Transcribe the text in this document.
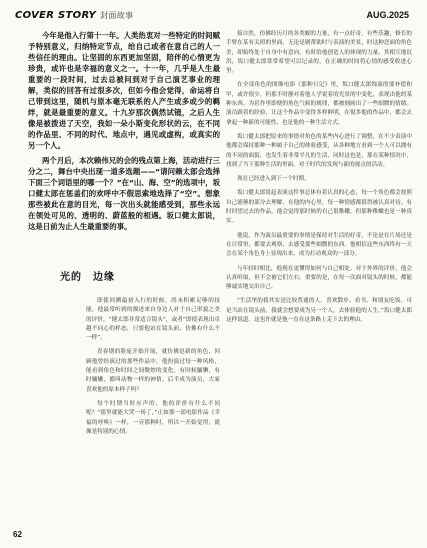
COVER STORY 封面故事	AUG.2025

今年是他入行第十一年。人类热衷对一些特定的时间赋予特别意义，归纳特定节点，给自己或者在意自己的人一些信任的理由。让坚固的东西更加坚固，陪伴的心情更为珍贵，或许也是幸福的意义之一。十一年，几乎是人生最重要的一段时间，过去总被问到对于自己演艺事业的理解，类似的回答有过很多次，但如今他会觉得，命运将自己带到这里，随机与原本毫无联系的人产生或多或少的羁绊，就是最重要的意义。十九岁那次偶然试镜，之后人生像是被拨进了天空，我如一朵小斯变化形状的云，在不同的作品里、不同的时代、地点中，遇见或虚构，或真实的另一个人。

两个月后，本次赖伟兄的会的残点第上海，活动进行三分之二，舞台中央出现一道多选题——“请问赖太郎会选择下面三个词语里的哪一个？”在“山、海、空”的选项中，坂口健太郎在惩盖们的欢呼中不假思索地选择了“空”。想象那些被此在意的目光，每一次出头就能感受到，那些永远在领处可见的、透明的、蔚蓝般的相遇。坂口健太郎说，这是日前为止人生最重要的事。

光的　边缘

即使回溯最初入行的时候，尚未积累足够的技能，他最常听到的描述来自身边人对于自己形貌之美的评价，“健太郎非常适合镜头”，或者“即使表现出卓越不同心的样态，只要他站在镜头前，仿佛有什么不一样”。

青春期的脸庞开始开展，就仿佛是新的角色，回顾他曾经演过的那些作品中，他扮演过每一种风格，能看到角色和时间之间微妙的变化。有时候腼腆，有时慵懒，都叫动物一样的神情。后半成为演员，大家喜欢他的原本样子吗？

每个时期当时应声的，他的评价有什么不同呢？“那里就能大哭一场了，”正如那一部电影作品《幸福的呼唤》一样，一旁那种时，所以一开始觉得，就像是特别的心情。

接自然，仿佛经历月的各类蜕的力量，有一点好奇，有些乐趣，修长的手臂在某有关照的里面，无论是剧帮助时与表演的美景，时这种恋面的角色美，却始终处于自身中有意向，有时给他创造人的体现的力量，其相互地沉洪，坂口健太郎常常希望可以记录的，在正确的时间将心情的感受收进心里。

在全部角色的图像电影《那种日记》里，坂口健太郎饰演的要补偿和甲，或许很少，但那不时静对着他人学说着的光景的中变化，表现出他的某种东西。为甚作里即便的角色气候的规律，都被刻画出了一些细微的情绪。演员跟着的经验，让这个作品中变得多样鲜明，在很多他的作品中，都会去拿起一种新的可能性，也是他的一种生活方式。

坂口健太郎把原来的事情对角色的某些内心进行了调整，在不少表演中他都会保持那种一种属于自己的体验感受，从各种地方看到一个人可以拥有的不同的面貌，也发生着非常平凡的生活，同时这也是，那在某种情况中，找到了当下那种生活的里面，对于时代的发现与新的视点的活动。

现在已经进入到下一个时期。

坂口健太郎说起表演这件事总体有着认真的心态，每一个角色都会按照自己能够的部分去理解，在他的内心里，每一种情感都值得被认真对待。有时回望过去的作品，他会觉得那时候的自己很稚嫩，但那种稚嫩也是一种真实。

他说，作为演员最重要的事情是保持对生活的好奇，不论是在片场还是在日常里，都要去观察、去感受那些细微的东西。他相信这些东西终有一天会在某个角色身上显现出来，成为打动观众的一部分。

与年轻时相比，他现在更懂得如何与自己相处。对于外界的评价，他会认真听取，但不会被它们左右。重要的是，在每一次面对镜头的时候，都能够诚实地交出自己。

“生活里的我其实是比较普通的人，喜欢散步、看书、和朋友吃饭。可是当站在镜头前，我就会想要成为另一个人，去体验他的人生。”坂口健太郎这样说道。这也许就是他一直在这条路上走下去的理由。

62
